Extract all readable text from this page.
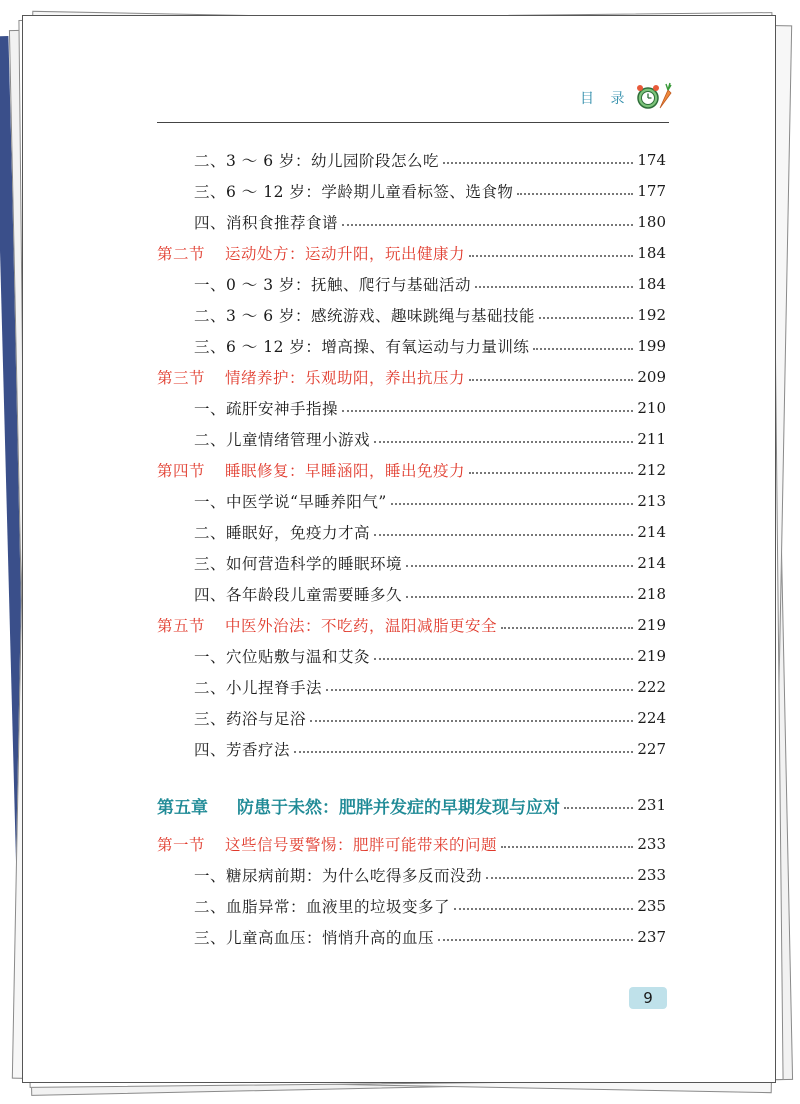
目 录
二、3 ～ 6 岁：幼儿园阶段怎么吃	174
三、6 ～ 12 岁：学龄期儿童看标签、选食物	177
四、消积食推荐食谱	180
第二节 运动处方：运动升阳，玩出健康力	184
一、0 ～ 3 岁：抚触、爬行与基础活动	184
二、3 ～ 6 岁：感统游戏、趣味跳绳与基础技能	192
三、6 ～ 12 岁：增高操、有氧运动与力量训练	199
第三节 情绪养护：乐观助阳，养出抗压力	209
一、疏肝安神手指操	210
二、儿童情绪管理小游戏	211
第四节 睡眠修复：早睡涵阳，睡出免疫力	212
一、中医学说“早睡养阳气”	213
二、睡眠好，免疫力才高	214
三、如何营造科学的睡眠环境	214
四、各年龄段儿童需要睡多久	218
第五节 中医外治法：不吃药，温阳减脂更安全	219
一、穴位贴敷与温和艾灸	219
二、小儿捏脊手法	222
三、药浴与足浴	224
四、芳香疗法	227
第五章 防患于未然：肥胖并发症的早期发现与应对	231
第一节 这些信号要警惕：肥胖可能带来的问题	233
一、糖尿病前期：为什么吃得多反而没劲	233
二、血脂异常：血液里的垃圾变多了	235
三、儿童高血压：悄悄升高的血压	237
9
